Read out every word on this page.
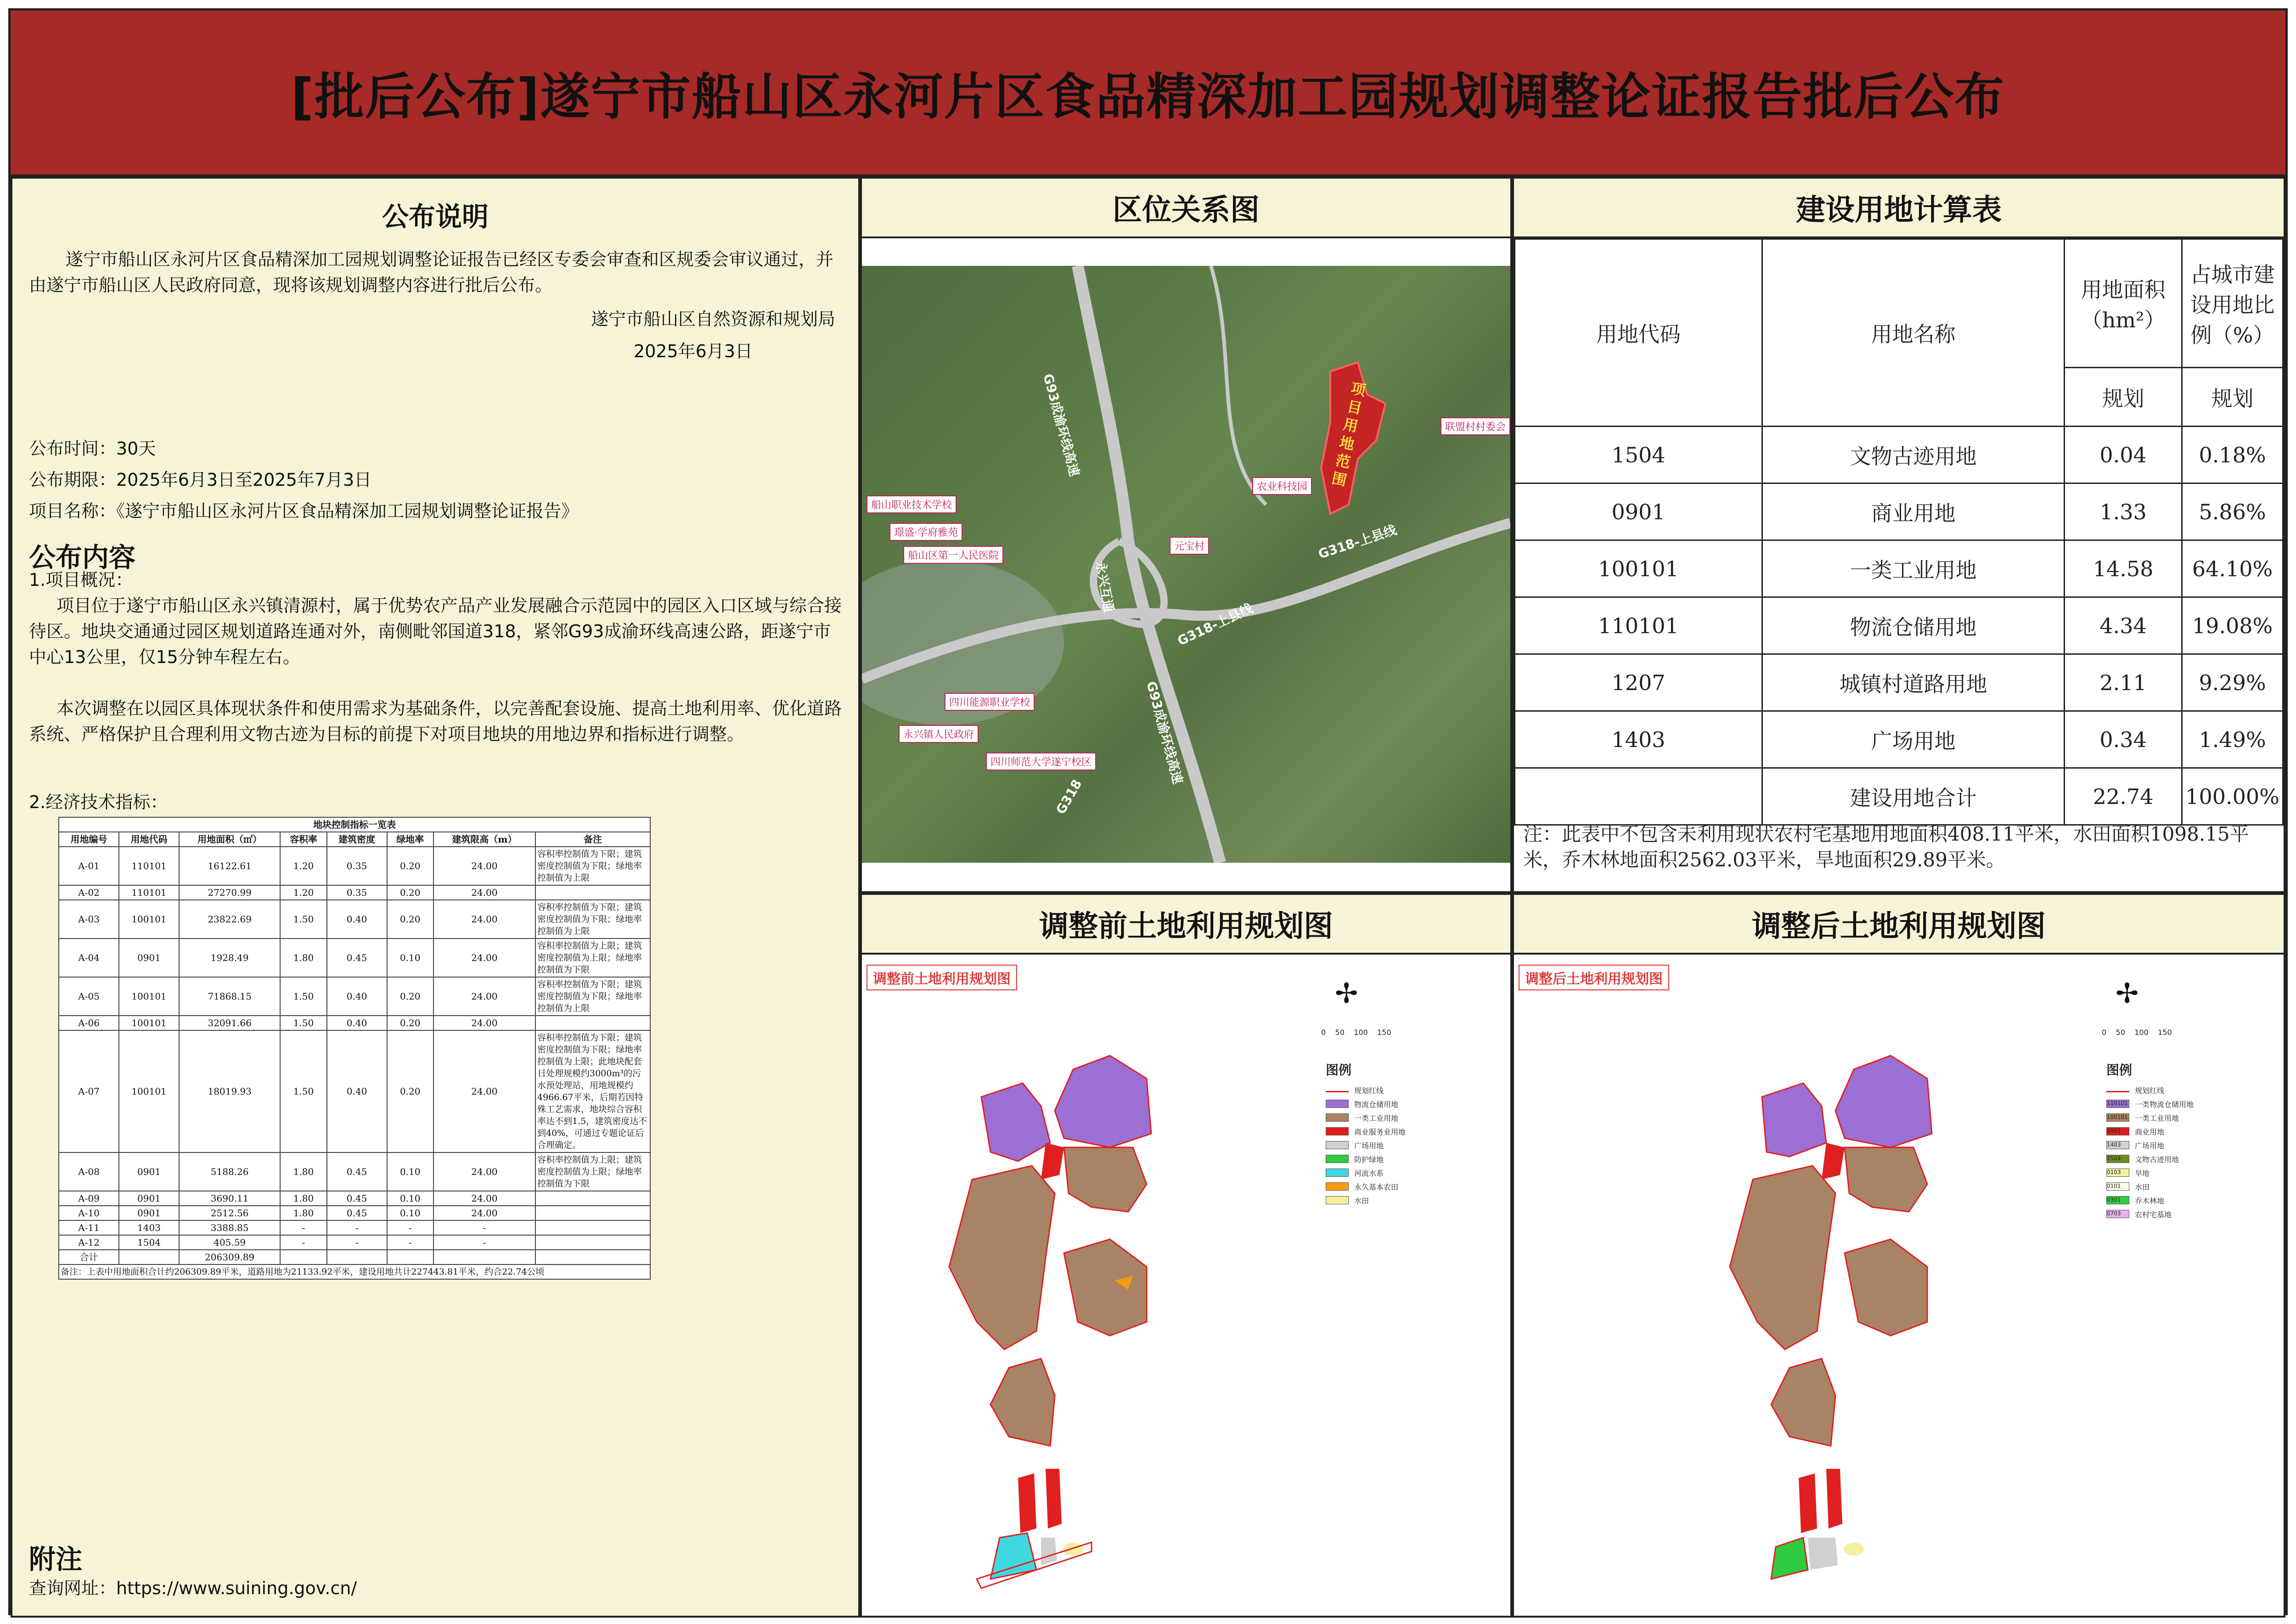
[批后公布]遂宁市船山区永河片区食品精深加工园规划调整论证报告批后公布
公布说明

遂宁市船山区永河片区食品精深加工园规划调整论证报告已经区专委会审查和区规委会审议通过，并由遂宁市船山区人民政府同意，现将该规划调整内容进行批后公布。

遂宁市船山区自然资源和规划局

2025年6月3日

公布时间：30天

公布期限：2025年6月3日至2025年7月3日

项目名称：《遂宁市船山区永河片区食品精深加工园规划调整论证报告》

公布内容

1.项目概况：

项目位于遂宁市船山区永兴镇清源村，属于优势农产品产业发展融合示范园中的园区入口区域与综合接待区。地块交通通过园区规划道路连通对外，南侧毗邻国道318，紧邻G93成渝环线高速公路，距遂宁市中心13公里，仅15分钟车程左右。

本次调整在以园区具体现状条件和使用需求为基础条件，以完善配套设施、提高土地利用率、优化道路系统、严格保护且合理利用文物古迹为目标的前提下对项目地块的用地边界和指标进行调整。

2.经济技术指标：

地块控制指标一览表							
用地编号	用地代码	用地面积（㎡）	容积率	建筑密度	绿地率	建筑限高（m）	备注
A-01	110101	16122.61	1.20	0.35	0.20	24.00	容积率控制值为下限；建筑密度控制值为下限；绿地率控制值为上限
A-02	110101	27270.99	1.20	0.35	0.20	24.00	
A-03	100101	23822.69	1.50	0.40	0.20	24.00	容积率控制值为下限；建筑密度控制值为下限；绿地率控制值为上限
A-04	0901	1928.49	1.80	0.45	0.10	24.00	容积率控制值为上限；建筑密度控制值为上限；绿地率控制值为下限
A-05	100101	71868.15	1.50	0.40	0.20	24.00	容积率控制值为下限；建筑密度控制值为下限；绿地率控制值为上限
A-06	100101	32091.66	1.50	0.40	0.20	24.00	
A-07	100101	18019.93	1.50	0.40	0.20	24.00	容积率控制值为下限；建筑密度控制值为下限；绿地率控制值为上限；此地块配套日处理规模约3000m³的污水预处理站，用地规模约4966.67平米，后期若因特殊工艺需求，地块综合容积率达不到1.5，建筑密度达不到40%，可通过专题论证后合理确定。
A-08	0901	5188.26	1.80	0.45	0.10	24.00	容积率控制值为上限；建筑密度控制值为上限；绿地率控制值为下限
A-09	0901	3690.11	1.80	0.45	0.10	24.00	
A-10	0901	2512.56	1.80	0.45	0.10	24.00	
A-11	1403	3388.85	-	-	-	-	
A-12	1504	405.59	-	-	-	-	
合计		206309.89					
备注：上表中用地面积合计约206309.89平米，道路用地为21133.92平米，建设用地共计227443.81平米，约合22.74公顷							
附注

查询网址：https://www.suining.gov.cn/

区位关系图
G93成渝环线高速
G93成渝环线高速
G318-上县线
G318-上县线
永兴互通
G318
项目用地范围
船山职业技术学校
璟盛·学府雅苑
船山区第一人民医院
农业科技园
联盟村村委会
元宝村
四川能源职业学校
永兴镇人民政府
四川师范大学遂宁校区
建设用地计算表
用地代码	用地名称	用地面积（hm²）	占城市建设用地比例（%）
		规划	规划
1504	文物古迹用地	0.04	0.18%
0901	商业用地	1.33	5.86%
100101	一类工业用地	14.58	64.10%
110101	物流仓储用地	4.34	19.08%
1207	城镇村道路用地	2.11	9.29%
1403	广场用地	0.34	1.49%
	建设用地合计	22.74	100.00%
注：此表中不包含未利用现状农村宅基地用地面积408.11平米，水田面积1098.15平米，乔木林地面积2562.03平米，旱地面积29.89平米。
调整前土地利用规划图
调整前土地利用规划图	✢
0    50    100    150
图例
规划红线
物流仓储用地
一类工业用地
商业服务业用地
广场用地
防护绿地
河流水系
永久基本农田
水田
调整后土地利用规划图
调整后土地利用规划图	✢
0    50    100    150
图例
规划红线
110101 一类物流仓储用地
100101 一类工业用地
0901	商业用地
1403	广场用地
1504	文物古迹用地
0103	旱地
0101	水田
0301	乔木林地
0703	农村宅基地
